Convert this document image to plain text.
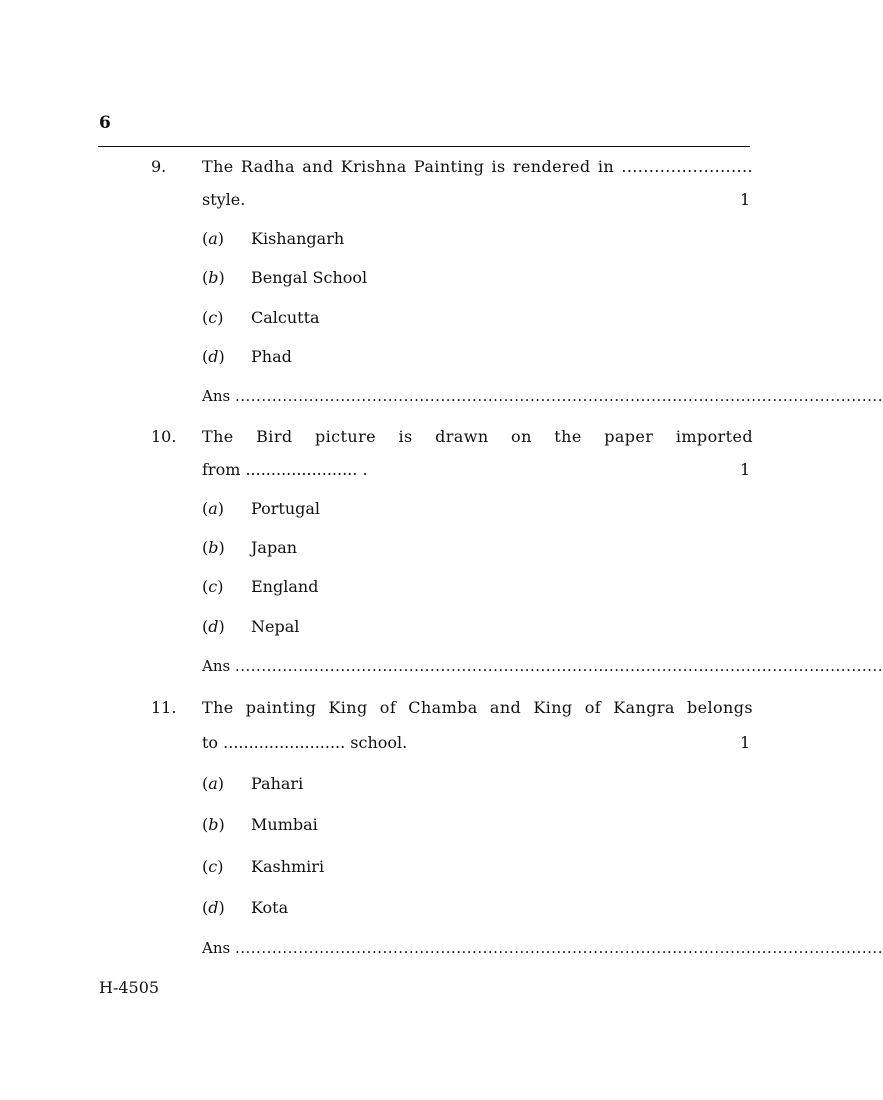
6
9. The Radha and Krishna Painting is rendered in ........................
style.	1
(a) Kishangarh
(b) Bengal School
(c) Calcutta
(d) Phad
Ans ...........................................................................................................................
10. The Bird picture is drawn on the paper imported
from ...................... .	1
(a) Portugal
(b) Japan
(c) England
(d) Nepal
Ans ...........................................................................................................................
11. The painting King of Chamba and King of Kangra belongs
to ........................ school.	1
(a) Pahari
(b) Mumbai
(c) Kashmiri
(d) Kota
Ans ...........................................................................................................................
H-4505
